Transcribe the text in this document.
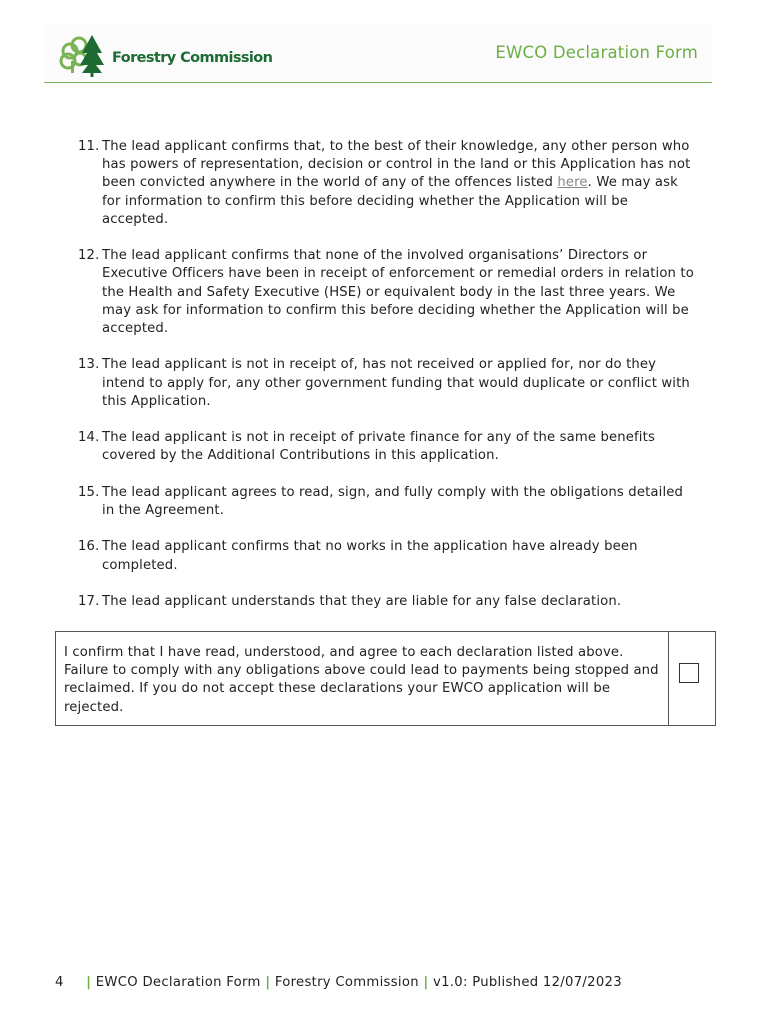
Forestry Commission	EWCO Declaration Form
11. The lead applicant confirms that, to the best of their knowledge, any other person who has powers of representation, decision or control in the land or this Application has not been convicted anywhere in the world of any of the offences listed here. We may ask for information to confirm this before deciding whether the Application will be accepted.
12. The lead applicant confirms that none of the involved organisations’ Directors or Executive Officers have been in receipt of enforcement or remedial orders in relation to the Health and Safety Executive (HSE) or equivalent body in the last three years. We may ask for information to confirm this before deciding whether the Application will be accepted.
13. The lead applicant is not in receipt of, has not received or applied for, nor do they intend to apply for, any other government funding that would duplicate or conflict with this Application.
14. The lead applicant is not in receipt of private finance for any of the same benefits covered by the Additional Contributions in this application.
15. The lead applicant agrees to read, sign, and fully comply with the obligations detailed in the Agreement.
16. The lead applicant confirms that no works in the application have already been completed.
17. The lead applicant understands that they are liable for any false declaration.
I confirm that I have read, understood, and agree to each declaration listed above. Failure to comply with any obligations above could lead to payments being stopped and reclaimed. If you do not accept these declarations your EWCO application will be rejected.
4 | EWCO Declaration Form | Forestry Commission | v1.0: Published 12/07/2023
